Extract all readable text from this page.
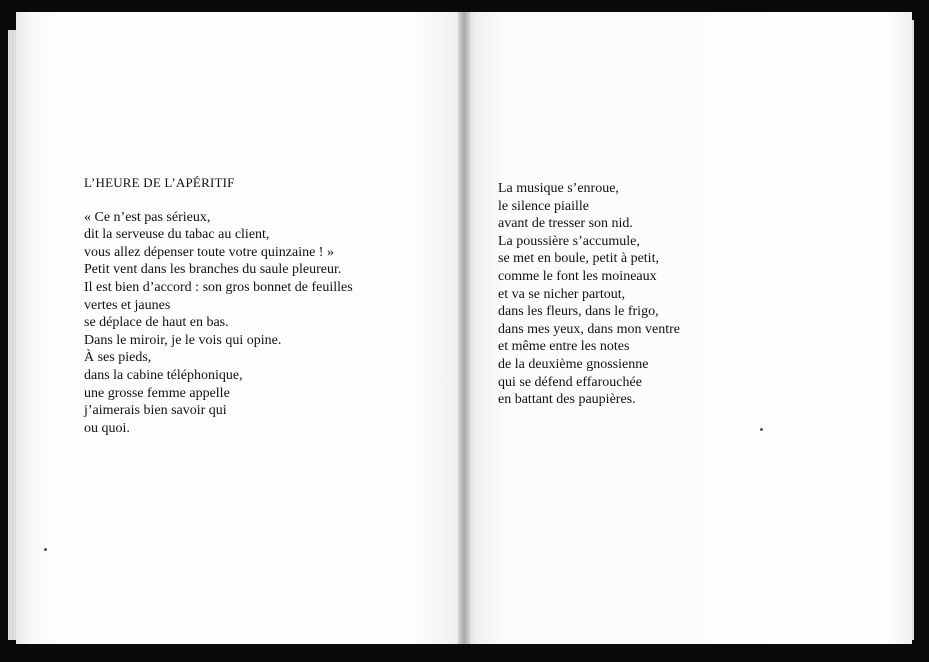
L’HEURE DE L’APÉRITIF
« Ce n’est pas sérieux,
dit la serveuse du tabac au client,
vous allez dépenser toute votre quinzaine ! »
Petit vent dans les branches du saule pleureur.
Il est bien d’accord : son gros bonnet de feuilles
vertes et jaunes
se déplace de haut en bas.
Dans le miroir, je le vois qui opine.
À ses pieds,
dans la cabine téléphonique,
une grosse femme appelle
j’aimerais bien savoir qui
ou quoi.
La musique s’enroue,
le silence piaille
avant de tresser son nid.
La poussière s’accumule,
se met en boule, petit à petit,
comme le font les moineaux
et va se nicher partout,
dans les fleurs, dans le frigo,
dans mes yeux, dans mon ventre
et même entre les notes
de la deuxième gnossienne
qui se défend effarouchée
en battant des paupières.
